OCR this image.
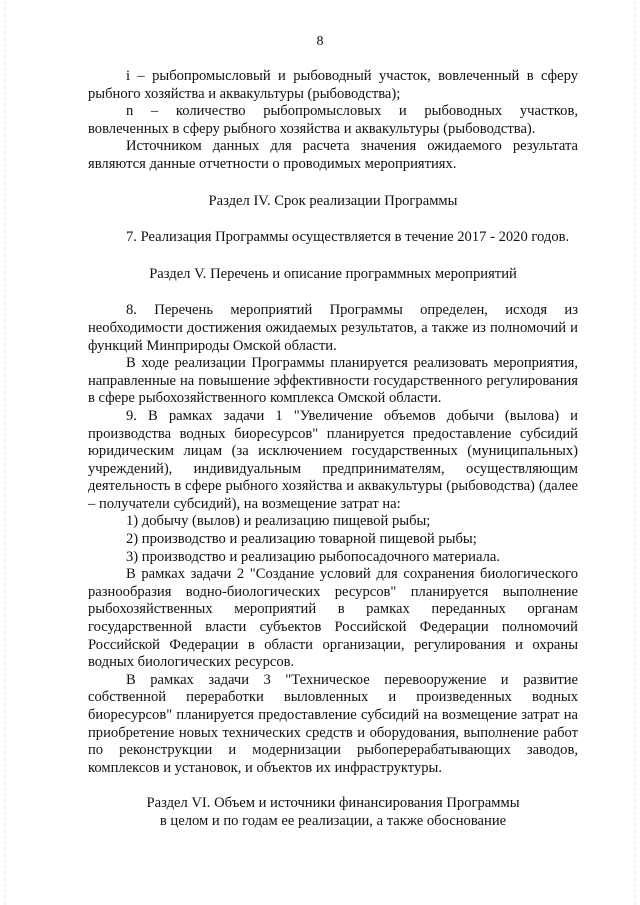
8

i – рыбопромысловый и рыбоводный участок, вовлеченный в сферу рыбного хозяйства и аквакультуры (рыбоводства);

n – количество рыбопромысловых и рыбоводных участков, вовлеченных в сферу рыбного хозяйства и аквакультуры (рыбоводства).

Источником данных для расчета значения ожидаемого результата являются данные отчетности о проводимых мероприятиях.

Раздел IV. Срок реализации Программы

7. Реализация Программы осуществляется в течение 2017 - 2020 годов.

Раздел V. Перечень и описание программных мероприятий

8. Перечень мероприятий Программы определен, исходя из необходимости достижения ожидаемых результатов, а также из полномочий и функций Минприроды Омской области.

В ходе реализации Программы планируется реализовать мероприятия, направленные на повышение эффективности государственного регулирования в сфере рыбохозяйственного комплекса Омской области.

9. В рамках задачи 1 "Увеличение объемов добычи (вылова) и производства водных биоресурсов" планируется предоставление субсидий юридическим лицам (за исключением государственных (муниципальных) учреждений), индивидуальным предпринимателям, осуществляющим деятельность в сфере рыбного хозяйства и аквакультуры (рыбоводства) (далее – получатели субсидий), на возмещение затрат на:

1) добычу (вылов) и реализацию пищевой рыбы;

2) производство и реализацию товарной пищевой рыбы;

3) производство и реализацию рыбопосадочного материала.

В рамках задачи 2 "Создание условий для сохранения биологического разнообразия водно-биологических ресурсов" планируется выполнение рыбохозяйственных мероприятий в рамках переданных органам государственной власти субъектов Российской Федерации полномочий Российской Федерации в области организации, регулирования и охраны водных биологических ресурсов.

В рамках задачи 3 "Техническое перевооружение и развитие собственной переработки выловленных и произведенных водных биоресурсов" планируется предоставление субсидий на возмещение затрат на приобретение новых технических средств и оборудования, выполнение работ по реконструкции и модернизации рыбоперерабатывающих заводов, комплексов и установок, и объектов их инфраструктуры.

Раздел VI. Объем и источники финансирования Программы

в целом и по годам ее реализации, а также обоснование
